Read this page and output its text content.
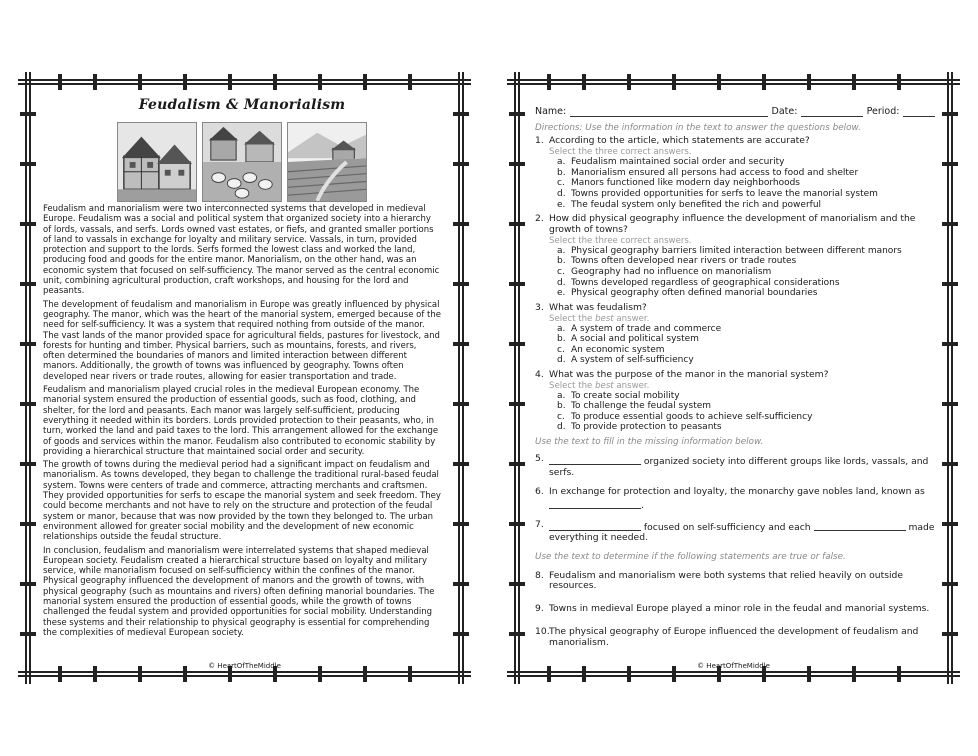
Feudalism & Manorialism
Feudalism and manorialism were two interconnected systems that developed in medieval Europe. Feudalism was a social and political system that organized society into a hierarchy of lords, vassals, and serfs. Lords owned vast estates, or fiefs, and granted smaller portions of land to vassals in exchange for loyalty and military service. Vassals, in turn, provided protection and support to the lords. Serfs formed the lowest class and worked the land, producing food and goods for the entire manor. Manorialism, on the other hand, was an economic system that focused on self-sufficiency. The manor served as the central economic unit, combining agricultural production, craft workshops, and housing for the lord and peasants.
The development of feudalism and manorialism in Europe was greatly influenced by physical geography. The manor, which was the heart of the manorial system, emerged because of the need for self-sufficiency. It was a system that required nothing from outside of the manor. The vast lands of the manor provided space for agricultural fields, pastures for livestock, and forests for hunting and timber. Physical barriers, such as mountains, forests, and rivers, often determined the boundaries of manors and limited interaction between different manors. Additionally, the growth of towns was influenced by geography. Towns often developed near rivers or trade routes, allowing for easier transportation and trade.
Feudalism and manorialism played crucial roles in the medieval European economy. The manorial system ensured the production of essential goods, such as food, clothing, and shelter, for the lord and peasants. Each manor was largely self-sufficient, producing everything it needed within its borders. Lords provided protection to their peasants, who, in turn, worked the land and paid taxes to the lord. This arrangement allowed for the exchange of goods and services within the manor. Feudalism also contributed to economic stability by providing a hierarchical structure that maintained social order and security.
The growth of towns during the medieval period had a significant impact on feudalism and manorialism. As towns developed, they began to challenge the traditional rural-based feudal system. Towns were centers of trade and commerce, attracting merchants and craftsmen. They provided opportunities for serfs to escape the manorial system and seek freedom. They could become merchants and not have to rely on the structure and protection of the feudal system or manor, because that was now provided by the town they belonged to. The urban environment allowed for greater social mobility and the development of new economic relationships outside the feudal structure.
In conclusion, feudalism and manorialism were interrelated systems that shaped medieval European society. Feudalism created a hierarchical structure based on loyalty and military service, while manorialism focused on self-sufficiency within the confines of the manor. Physical geography influenced the development of manors and the growth of towns, with physical geography (such as mountains and rivers) often defining manorial boundaries. The manorial system ensured the production of essential goods, while the growth of towns challenged the feudal system and provided opportunities for social mobility. Understanding these systems and their relationship to physical geography is essential for comprehending the complexities of medieval European society.
© HeartOfTheMiddle
Name:	Date:	Period:
Directions: Use the information in the text to answer the questions below.
1. According to the article, which statements are accurate?
Select the three correct answers.
a. Feudalism maintained social order and security
b. Manorialism ensured all persons had access to food and shelter
c. Manors functioned like modern day neighborhoods
d. Towns provided opportunities for serfs to leave the manorial system
e. The feudal system only benefited the rich and powerful
2. How did physical geography influence the development of manorialism and the growth of towns?
Select the three correct answers.
a. Physical geography barriers limited interaction between different manors
b. Towns often developed near rivers or trade routes
c. Geography had no influence on manorialism
d. Towns developed regardless of geographical considerations
e. Physical geography often defined manorial boundaries
3. What was feudalism?
Select the best answer.
a. A system of trade and commerce
b. A social and political system
c. An economic system
d. A system of self-sufficiency
4. What was the purpose of the manor in the manorial system?
Select the best answer.
a. To create social mobility
b. To challenge the feudal system
c. To produce essential goods to achieve self-sufficiency
d. To provide protection to peasants
Use the text to fill in the missing information below.
5.	organized society into different groups like lords, vassals, and serfs.
6. In exchange for protection and loyalty, the monarchy gave nobles land, known as .
7.	focused on self-sufficiency and each	made everything it needed.
Use the text to determine if the following statements are true or false.
8. Feudalism and manorialism were both systems that relied heavily on outside resources.
9. Towns in medieval Europe played a minor role in the feudal and manorial systems.
10. The physical geography of Europe influenced the development of feudalism and manorialism.
© HeartOfTheMiddle
